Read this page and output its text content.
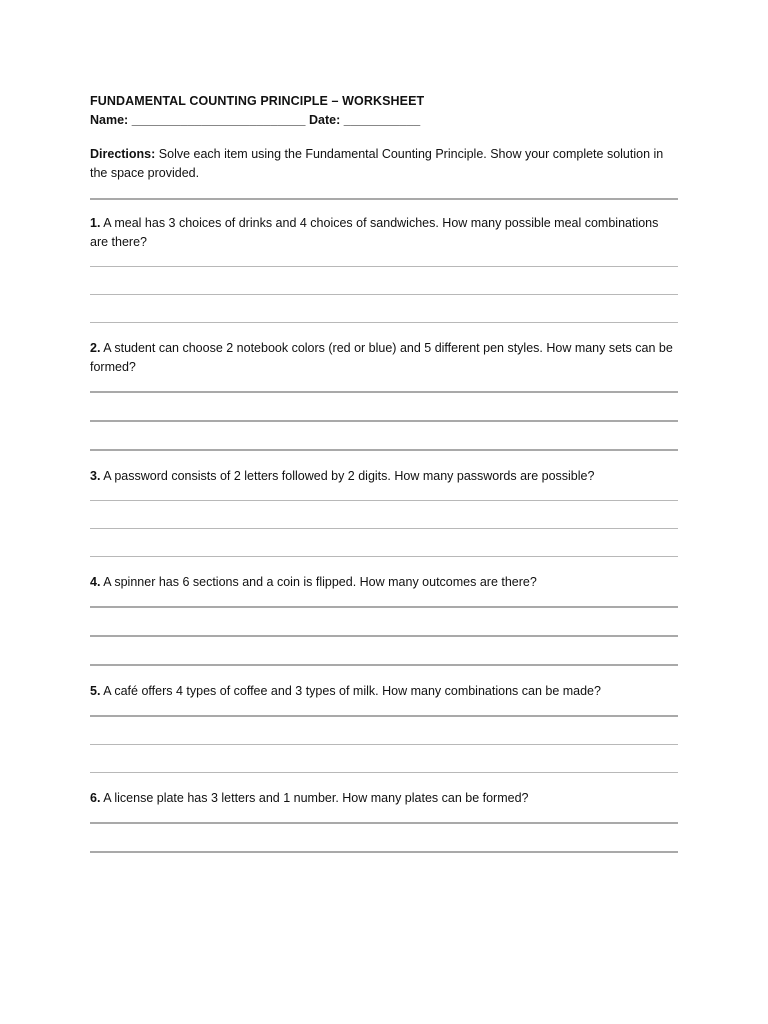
FUNDAMENTAL COUNTING PRINCIPLE – WORKSHEET
Name: _________________________ Date: ___________
Directions: Solve each item using the Fundamental Counting Principle. Show your complete solution in the space provided.
1. A meal has 3 choices of drinks and 4 choices of sandwiches. How many possible meal combinations are there?
2. A student can choose 2 notebook colors (red or blue) and 5 different pen styles. How many sets can be formed?
3. A password consists of 2 letters followed by 2 digits. How many passwords are possible?
4. A spinner has 6 sections and a coin is flipped. How many outcomes are there?
5. A café offers 4 types of coffee and 3 types of milk. How many combinations can be made?
6. A license plate has 3 letters and 1 number. How many plates can be formed?
